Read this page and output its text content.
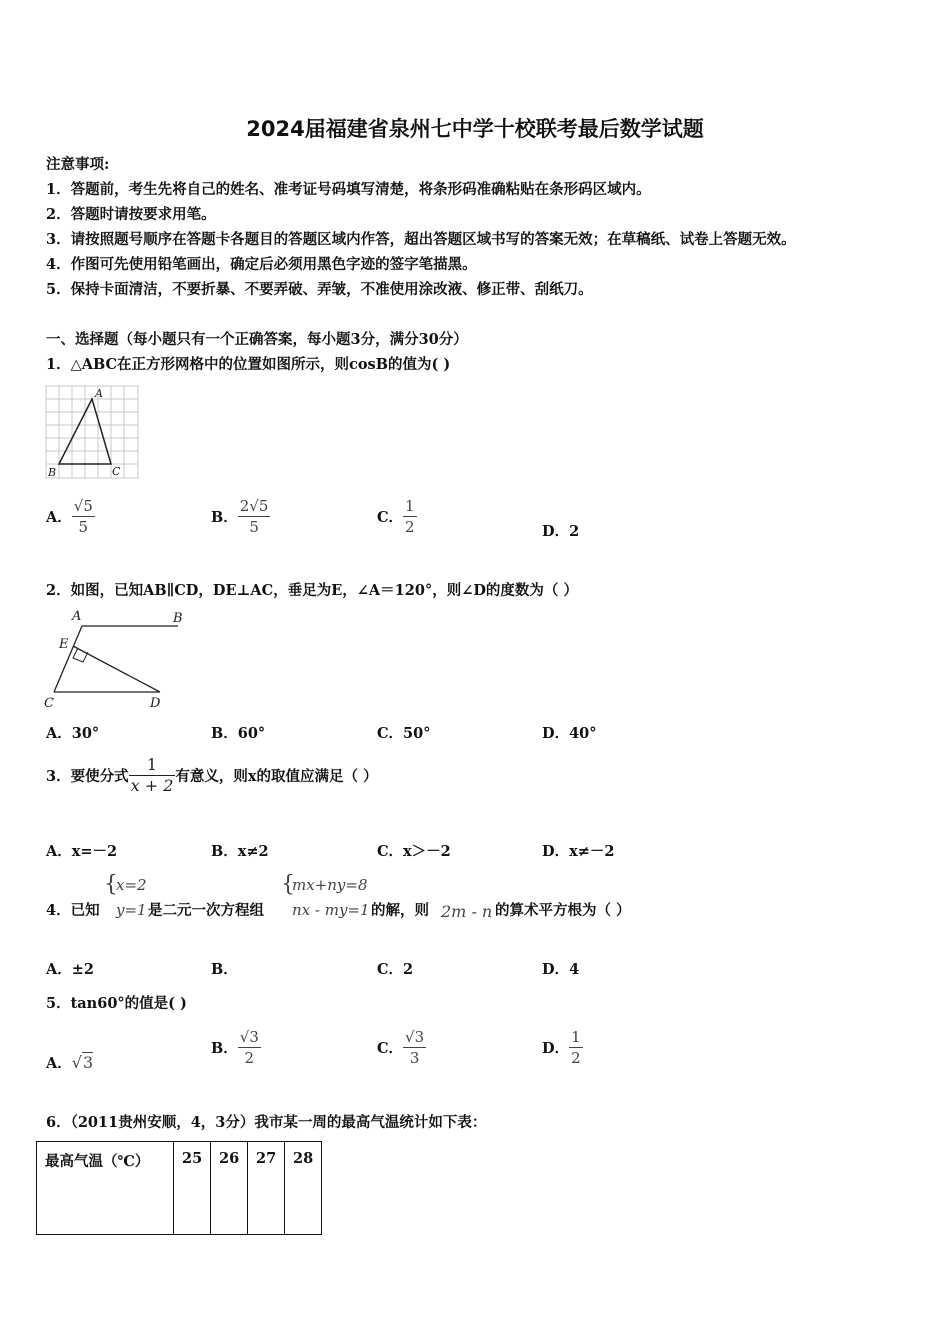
2024届福建省泉州七中学十校联考最后数学试题
注意事项:
1．答题前，考生先将自己的姓名、准考证号码填写清楚，将条形码准确粘贴在条形码区域内。
2．答题时请按要求用笔。
3．请按照题号顺序在答题卡各题目的答题区域内作答，超出答题区域书写的答案无效；在草稿纸、试卷上答题无效。
4．作图可先使用铅笔画出，确定后必须用黑色字迹的签字笔描黑。
5．保持卡面清洁，不要折暴、不要弄破、弄皱，不准使用涂改液、修正带、刮纸刀。
一、选择题（每小题只有一个正确答案，每小题3分，满分30分）
1．△ABC在正方形网格中的位置如图所示，则cosB的值为( )
A
B	C
A． $\frac{√5}{5}$	B． $\frac{2√5}{5}$	C． $\frac{1}{2}$	D．2
2．如图，已知AB∥CD，DE⊥AC，垂足为E，∠A＝120°，则∠D的度数为（ ）
A	B
C	D
E
A．30°	B．60°	C．50°	D．40°
3．要使分式 $\frac{1}{x + 2}$ 有意义，则x的取值应满足（ ）
A．x=－2	B．x≠2	C．x＞－2	D．x≠－2
4．已知
{
x=2
y=1 是二元一次方程组
{
mx+ny=8
nx - my=1 的解，则 2m - n 的算术平方根为（ ）
A．±2	B．	C．2	D．4
5．tan60°的值是( )
A．√3
B． $\frac{√3}{2}$	C． $\frac{√3}{3}$	D． $\frac{1}{2}$
6．（2011贵州安顺，4，3分）我市某一周的最高气温统计如下表：
最高气温（℃）	25	26	27	28
